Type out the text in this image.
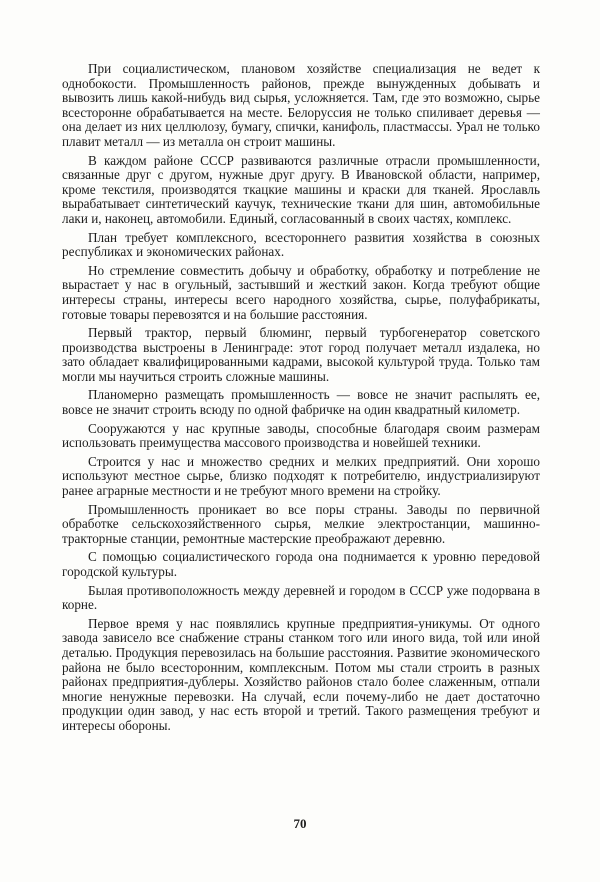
При социалистическом, плановом хозяйстве специализация не ведет к однобокости. Промышленность районов, прежде вынужденных добывать и вывозить лишь какой-нибудь вид сырья, усложняется. Там, где это возможно, сырье всесторонне обрабатывается на месте. Белоруссия не только спиливает деревья — она делает из них целлюлозу, бумагу, спички, канифоль, пластмассы. Урал не только плавит металл — из металла он строит машины.

В каждом районе СССР развиваются различные отрасли промышленности, связанные друг с другом, нужные друг другу. В Ивановской области, например, кроме текстиля, производятся ткацкие машины и краски для тканей. Ярославль вырабатывает синтетический каучук, технические ткани для шин, автомобильные лаки и, наконец, автомобили. Единый, согласованный в своих частях, комплекс.

План требует комплексного, всестороннего развития хозяйства в союзных республиках и экономических районах.

Но стремление совместить добычу и обработку, обработку и потребление не вырастает у нас в огульный, застывший и жесткий закон. Когда требуют общие интересы страны, интересы всего народного хозяйства, сырье, полуфабрикаты, готовые товары перевозятся и на большие расстояния.

Первый трактор, первый блюминг, первый турбогенератор советского производства выстроены в Ленинграде: этот город получает металл издалека, но зато обладает квалифицированными кадрами, высокой культурой труда. Только там могли мы научиться строить сложные машины.

Планомерно размещать промышленность — вовсе не значит распылять ее, вовсе не значит строить всюду по одной фабричке на один квадратный километр.

Сооружаются у нас крупные заводы, способные благодаря своим размерам использовать преимущества массового производства и новейшей техники.

Строится у нас и множество средних и мелких предприятий. Они хорошо используют местное сырье, близко подходят к потребителю, индустриализируют ранее аграрные местности и не требуют много времени на стройку.

Промышленность проникает во все поры страны. Заводы по первичной обработке сельскохозяйственного сырья, мелкие электростанции, машинно-тракторные станции, ремонтные мастерские преображают деревню.

С помощью социалистического города она поднимается к уровню передовой городской культуры.

Былая противоположность между деревней и городом в СССР уже подорвана в корне.

Первое время у нас появлялись крупные предприятия-уникумы. От одного завода зависело все снабжение страны станком того или иного вида, той или иной деталью. Продукция перевозилась на большие расстояния. Развитие экономического района не было всесторонним, комплексным. Потом мы стали строить в разных районах предприятия-дублеры. Хозяйство районов стало более слаженным, отпали многие ненужные перевозки. На случай, если почему-либо не дает достаточно продукции один завод, у нас есть второй и третий. Такого размещения требуют и интересы обороны.

70
